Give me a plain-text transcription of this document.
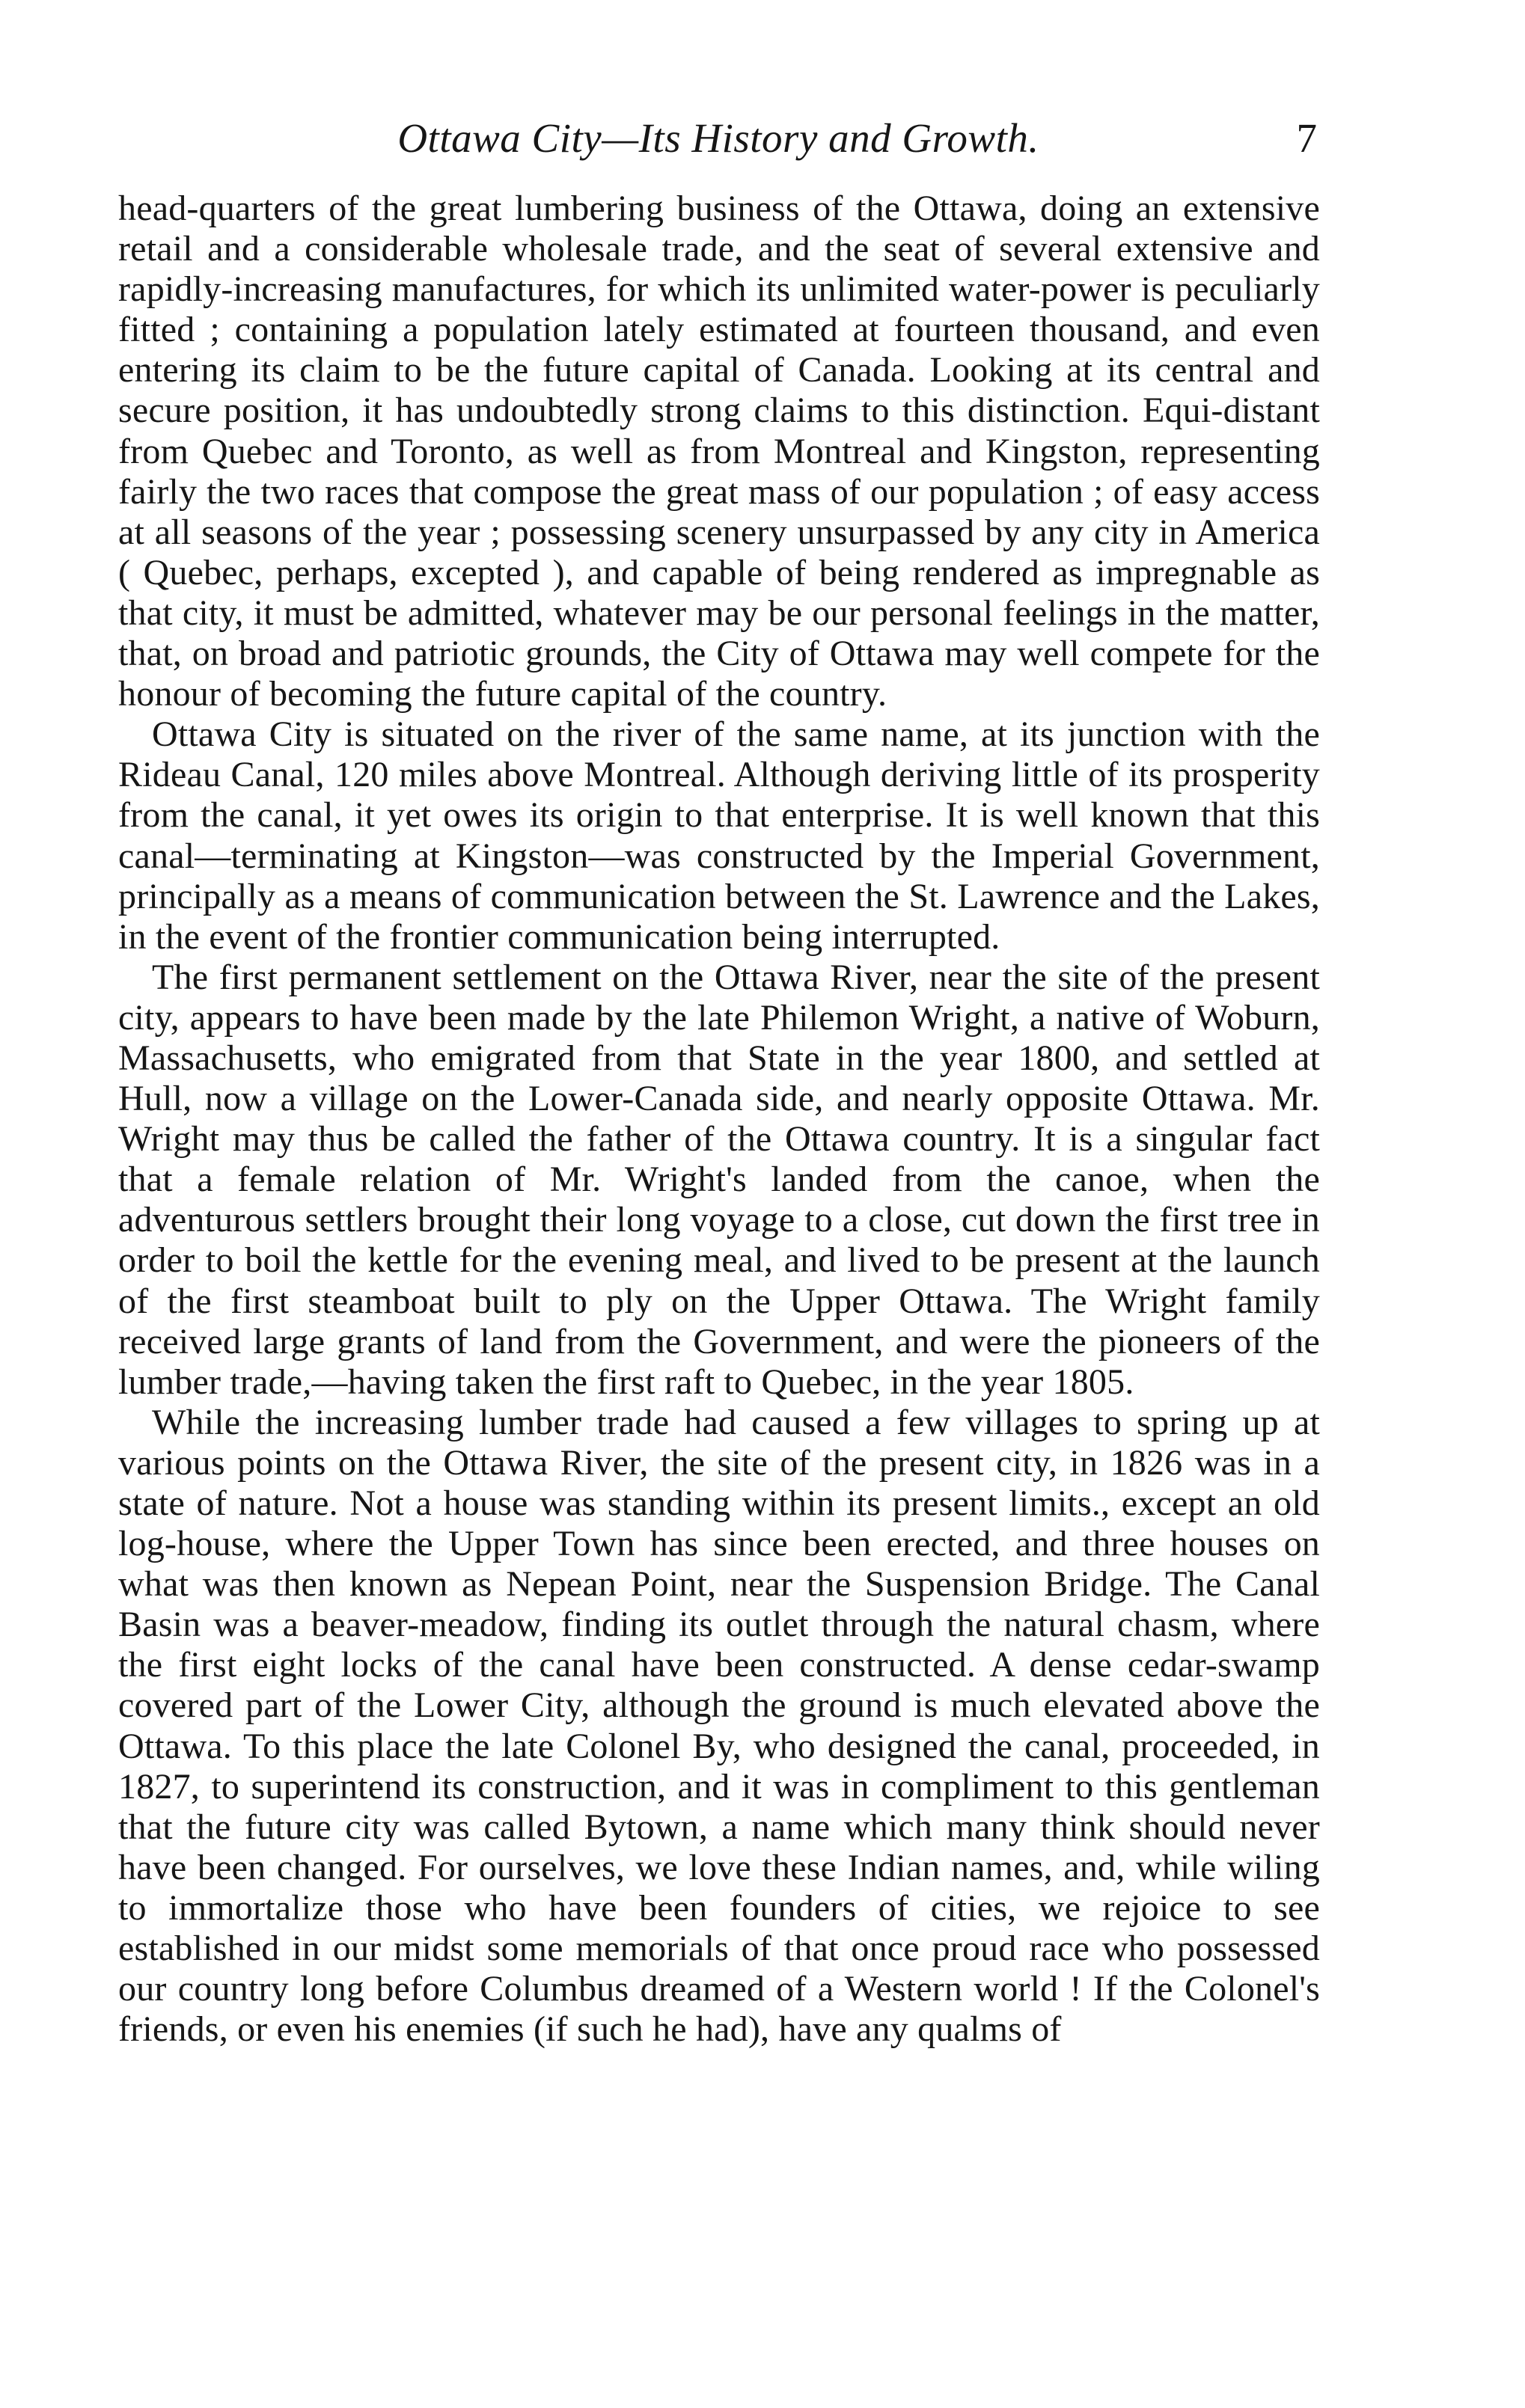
Ottawa City—Its History and Growth.	7

head-quarters of the great lumbering business of the Ottawa, doing an extensive retail and a considerable wholesale trade, and the seat of several extensive and rapidly-increasing manufactures, for which its unlimited water-power is peculiarly fitted ; containing a population lately estimated at fourteen thousand, and even entering its claim to be the future capital of Canada. Looking at its central and secure position, it has undoubtedly strong claims to this distinction. Equi-distant from Quebec and Toronto, as well as from Montreal and Kingston, representing fairly the two races that compose the great mass of our population ; of easy access at all seasons of the year ; possessing scenery unsurpassed by any city in America ( Quebec, perhaps, excepted ), and capable of being rendered as impregnable as that city, it must be admitted, whatever may be our personal feelings in the matter, that, on broad and patriotic grounds, the City of Ottawa may well compete for the honour of becoming the future capital of the country.

Ottawa City is situated on the river of the same name, at its junction with the Rideau Canal, 120 miles above Montreal. Although deriving little of its prosperity from the canal, it yet owes its origin to that enterprise. It is well known that this canal—terminating at Kingston—was constructed by the Imperial Government, principally as a means of communication between the St. Lawrence and the Lakes, in the event of the frontier communication being interrupted.

The first permanent settlement on the Ottawa River, near the site of the present city, appears to have been made by the late Philemon Wright, a native of Woburn, Massachusetts, who emigrated from that State in the year 1800, and settled at Hull, now a village on the Lower-Canada side, and nearly opposite Ottawa. Mr. Wright may thus be called the father of the Ottawa country. It is a singular fact that a female relation of Mr. Wright's landed from the canoe, when the adventurous settlers brought their long voyage to a close, cut down the first tree in order to boil the kettle for the evening meal, and lived to be present at the launch of the first steamboat built to ply on the Upper Ottawa. The Wright family received large grants of land from the Government, and were the pioneers of the lumber trade,—having taken the first raft to Quebec, in the year 1805.

While the increasing lumber trade had caused a few villages to spring up at various points on the Ottawa River, the site of the present city, in 1826 was in a state of nature. Not a house was standing within its present limits., except an old log-house, where the Upper Town has since been erected, and three houses on what was then known as Nepean Point, near the Suspension Bridge. The Canal Basin was a beaver-meadow, finding its outlet through the natural chasm, where the first eight locks of the canal have been constructed. A dense cedar-swamp covered part of the Lower City, although the ground is much elevated above the Ottawa. To this place the late Colonel By, who designed the canal, proceeded, in 1827, to superintend its construction, and it was in compliment to this gentleman that the future city was called Bytown, a name which many think should never have been changed. For ourselves, we love these Indian names, and, while wiling to immortalize those who have been founders of cities, we rejoice to see established in our midst some memorials of that once proud race who possessed our country long before Columbus dreamed of a Western world ! If the Colonel's friends, or even his enemies (if such he had), have any qualms of
